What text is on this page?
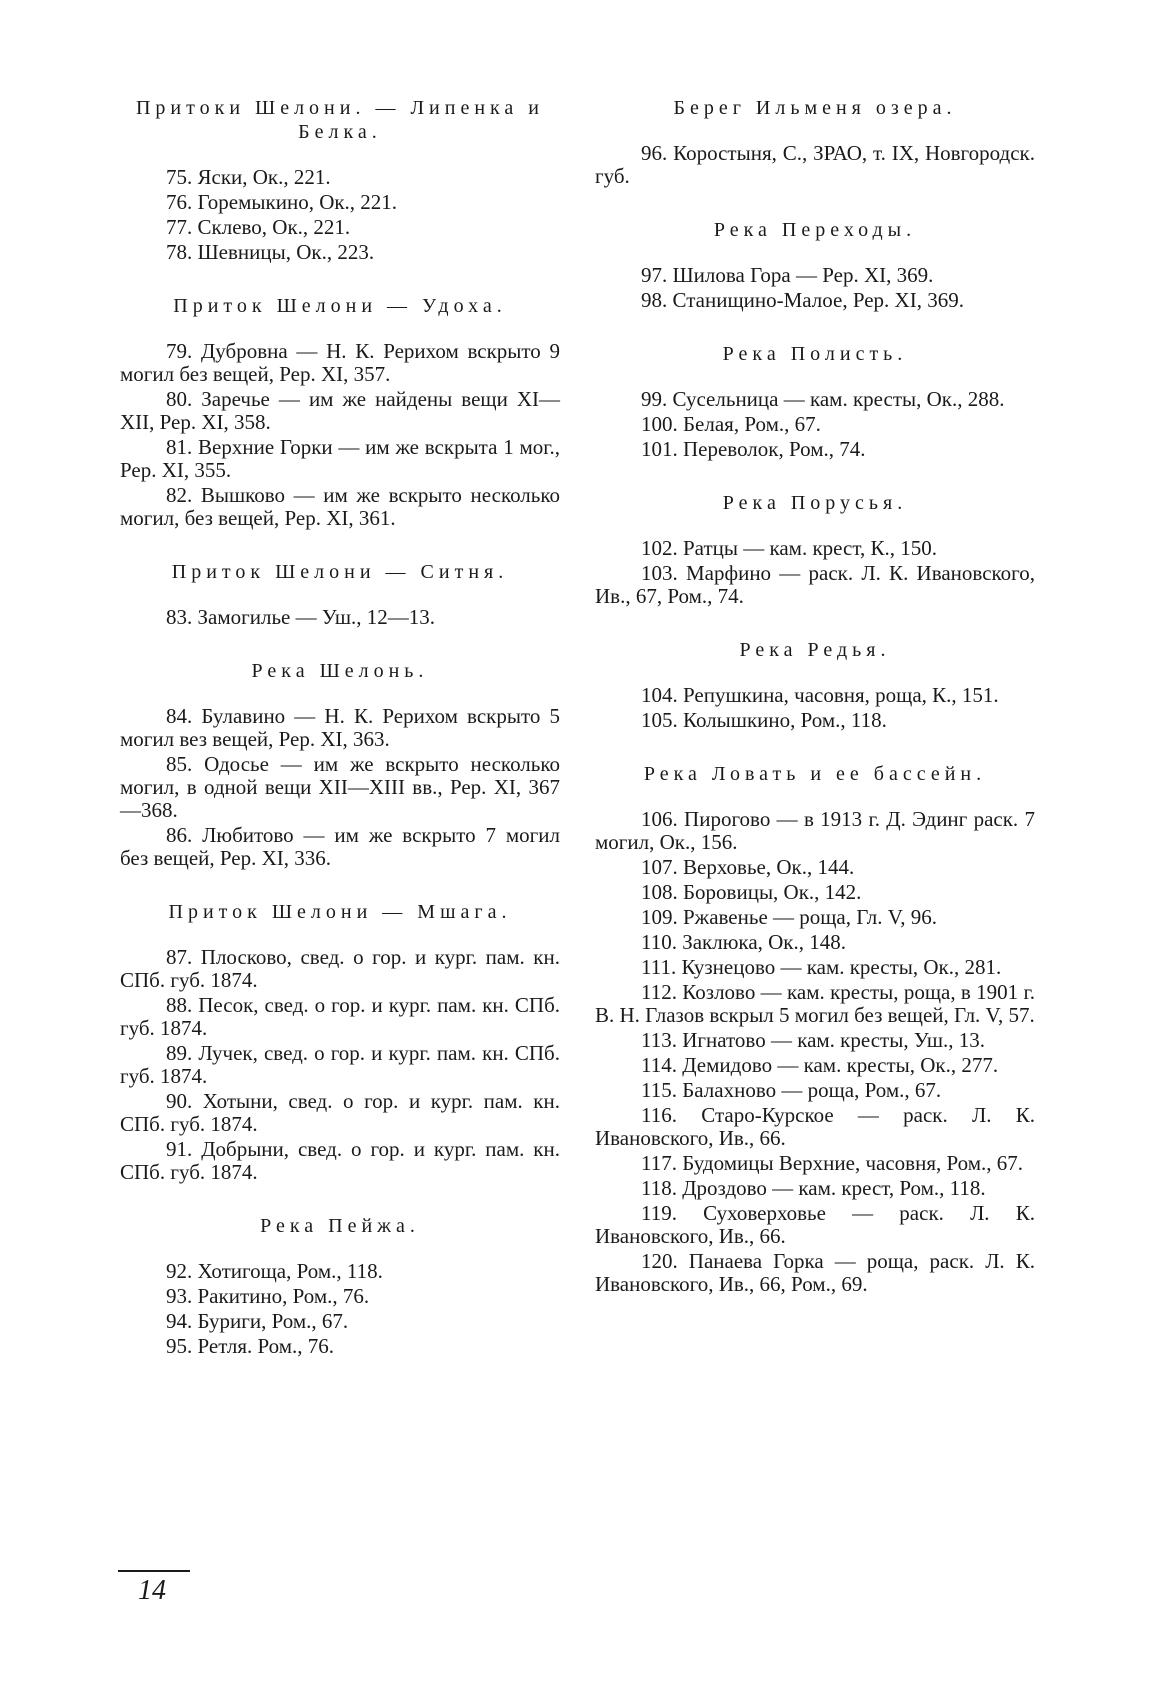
Притоки Шелони. — Липенка и Белка.
75. Яски, Ок., 221.
76. Горемыкино, Ок., 221.
77. Склево, Ок., 221.
78. Шевницы, Ок., 223.
Приток Шелони — Удоха.
79. Дубровна — Н. К. Рерихом вскрыто 9 могил без вещей, Рер. XI, 357.
80. Заречье — им же найдены вещи XI—XII, Рер. XI, 358.
81. Верхние Горки — им же вскрыта 1 мог., Рер. XI, 355.
82. Вышково — им же вскрыто несколько могил, без вещей, Рер. XI, 361.
Приток Шелони — Ситня.
83. Замогилье — Уш., 12—13.
Река Шелонь.
84. Булавино — Н. К. Рерихом вскрыто 5 могил вез вещей, Рер. XI, 363.
85. Одосье — им же вскрыто несколько могил, в одной вещи XII—XIII вв., Рер. XI, 367—368.
86. Любитово — им же вскрыто 7 могил без вещей, Рер. XI, 336.
Приток Шелони — Мшага.
87. Плосково, свед. о гор. и кург. пам. кн. СПб. губ. 1874.
88. Песок, свед. о гор. и кург. пам. кн. СПб. губ. 1874.
89. Лучек, свед. о гор. и кург. пам. кн. СПб. губ. 1874.
90. Хотыни, свед. о гор. и кург. пам. кн. СПб. губ. 1874.
91. Добрыни, свед. о гор. и кург. пам. кн. СПб. губ. 1874.
Река Пейжа.
92. Хотигоща, Ром., 118.
93. Ракитино, Ром., 76.
94. Буриги, Ром., 67.
95. Ретля. Ром., 76.
Берег Ильменя озера.
96. Коростыня, С., ЗРАО, т. IX, Новгородск. губ.
Река Переходы.
97. Шилова Гора — Рер. XI, 369.
98. Станищино-Малое, Рер. XI, 369.
Река Полисть.
99. Сусельница — кам. кресты, Ок., 288.
100. Белая, Ром., 67.
101. Переволок, Ром., 74.
Река Порусья.
102. Ратцы — кам. крест, К., 150.
103. Марфино — раск. Л. К. Ивановского, Ив., 67, Ром., 74.
Река Редья.
104. Репушкина, часовня, роща, К., 151.
105. Колышкино, Ром., 118.
Река Ловать и ее бассейн.
106. Пирогово — в 1913 г. Д. Эдинг раск. 7 могил, Ок., 156.
107. Верховье, Ок., 144.
108. Боровицы, Ок., 142.
109. Ржавенье — роща, Гл. V, 96.
110. Заклюка, Ок., 148.
111. Кузнецово — кам. кресты, Ок., 281.
112. Козлово — кам. кресты, роща, в 1901 г. В. Н. Глазов вскрыл 5 могил без вещей, Гл. V, 57.
113. Игнатово — кам. кресты, Уш., 13.
114. Демидово — кам. кресты, Ок., 277.
115. Балахново — роща, Ром., 67.
116. Старо-Курское — раск. Л. К. Ивановского, Ив., 66.
117. Будомицы Верхние, часовня, Ром., 67.
118. Дроздово — кам. крест, Ром., 118.
119. Суховерховье — раск. Л. К. Ивановского, Ив., 66.
120. Панаева Горка — роща, раск. Л. К. Ивановского, Ив., 66, Ром., 69.
14
